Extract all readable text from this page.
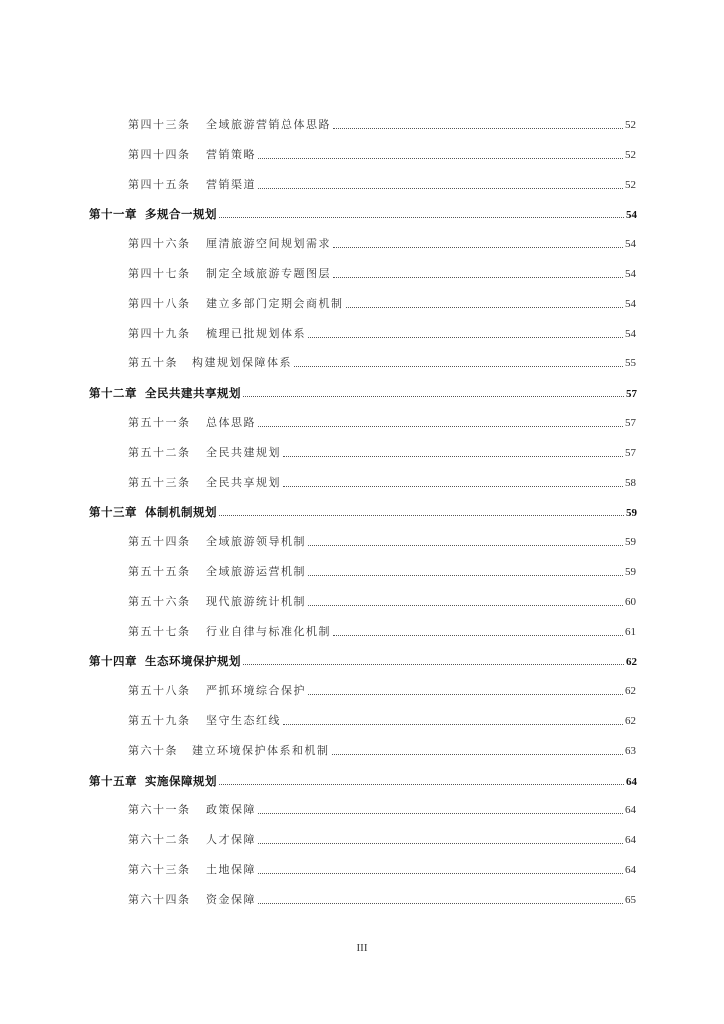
第四十三条	全域旅游营销总体思路	52
第四十四条	营销策略	52
第四十五条	营销渠道	52
第十一章 多规合一规划	54
第四十六条	厘清旅游空间规划需求	54
第四十七条	制定全域旅游专题图层	54
第四十八条	建立多部门定期会商机制	54
第四十九条	梳理已批规划体系	54
第五十条	构建规划保障体系	55
第十二章 全民共建共享规划	57
第五十一条	总体思路	57
第五十二条	全民共建规划	57
第五十三条	全民共享规划	58
第十三章 体制机制规划	59
第五十四条	全域旅游领导机制	59
第五十五条	全域旅游运营机制	59
第五十六条	现代旅游统计机制	60
第五十七条	行业自律与标准化机制	61
第十四章 生态环境保护规划	62
第五十八条	严抓环境综合保护	62
第五十九条	坚守生态红线	62
第六十条	建立环境保护体系和机制	63
第十五章 实施保障规划	64
第六十一条	政策保障	64
第六十二条	人才保障	64
第六十三条	土地保障	64
第六十四条	资金保障	65
III
